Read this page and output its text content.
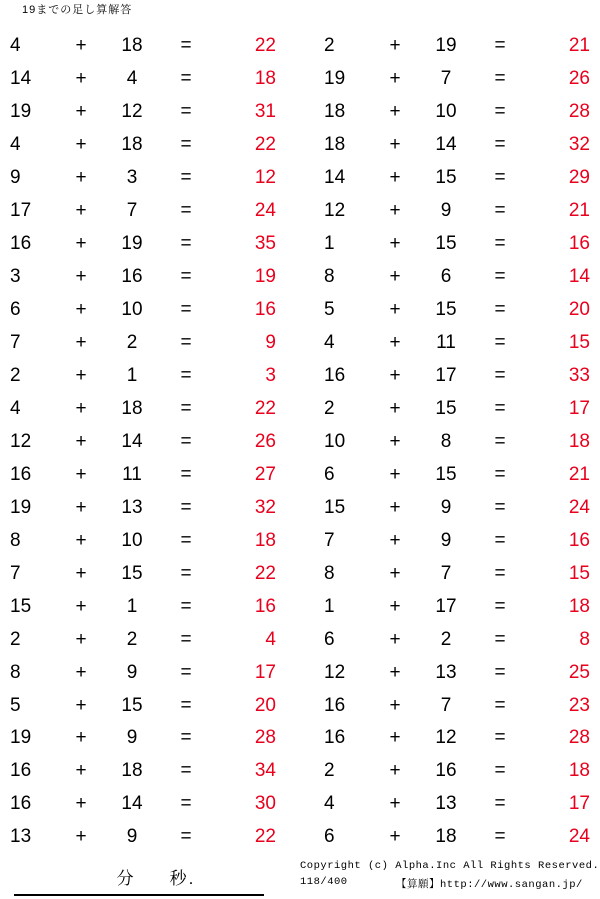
19までの足し算解答
4	+	18	=	22
14	+	4	=	18
19	+	12	=	31
4	+	18	=	22
9	+	3	=	12
17	+	7	=	24
16	+	19	=	35
3	+	16	=	19
6	+	10	=	16
7	+	2	=	9
2	+	1	=	3
4	+	18	=	22
12	+	14	=	26
16	+	11	=	27
19	+	13	=	32
8	+	10	=	18
7	+	15	=	22
15	+	1	=	16
2	+	2	=	4
8	+	9	=	17
5	+	15	=	20
19	+	9	=	28
16	+	18	=	34
16	+	14	=	30
13	+	9	=	22
2	+	19	=	21
19	+	7	=	26
18	+	10	=	28
18	+	14	=	32
14	+	15	=	29
12	+	9	=	21
1	+	15	=	16
8	+	6	=	14
5	+	15	=	20
4	+	11	=	15
16	+	17	=	33
2	+	15	=	17
10	+	8	=	18
6	+	15	=	21
15	+	9	=	24
7	+	9	=	16
8	+	7	=	15
1	+	17	=	18
6	+	2	=	8
12	+	13	=	25
16	+	7	=	23
16	+	12	=	28
2	+	16	=	18
4	+	13	=	17
6	+	18	=	24
分 秒.
Copyright (c) Alpha.Inc All Rights Reserved.
118/400	【算願】http://www.sangan.jp/
